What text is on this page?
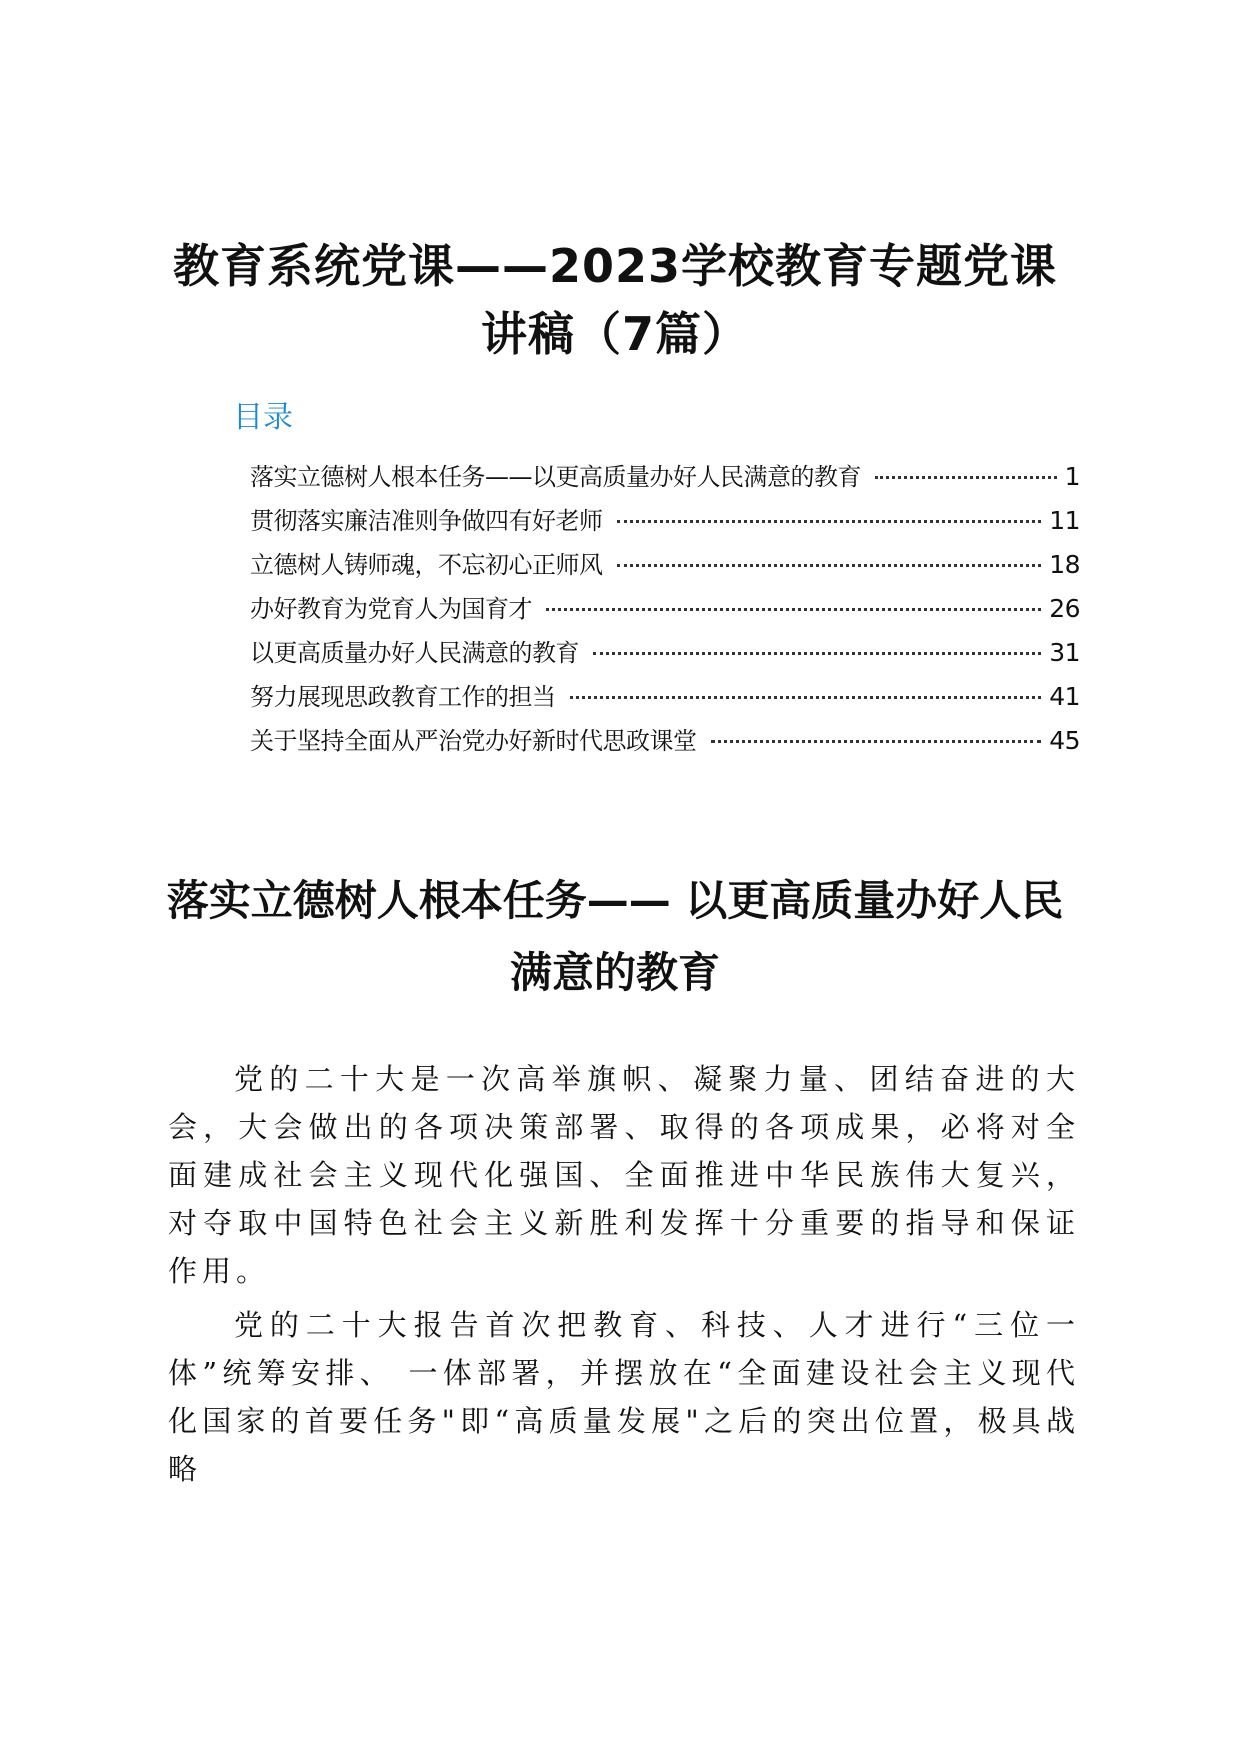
教育系统党课——2023学校教育专题党课讲稿（7篇）
目录
落实立德树人根本任务——以更高质量办好人民满意的教育	1
贯彻落实廉洁准则争做四有好老师	11
立德树人铸师魂，不忘初心正师风	18
办好教育为党育人为国育才	26
以更高质量办好人民满意的教育	31
努力展现思政教育工作的担当	41
关于坚持全面从严治党办好新时代思政课堂	45
落实立德树人根本任务—— 以更高质量办好人民满意的教育

党的二十大是一次高举旗帜、凝聚力量、团结奋进的大会，大会做出的各项决策部署、取得的各项成果，必将对全面建成社会主义现代化强国、全面推进中华民族伟大复兴，对夺取中国特色社会主义新胜利发挥十分重要的指导和保证作用。

党的二十大报告首次把教育、科技、人才进行“三位一体”统筹安排、 一体部署，并摆放在“全面建设社会主义现代化国家的首要任务"即“高质量发展"之后的突出位置，极具战略
